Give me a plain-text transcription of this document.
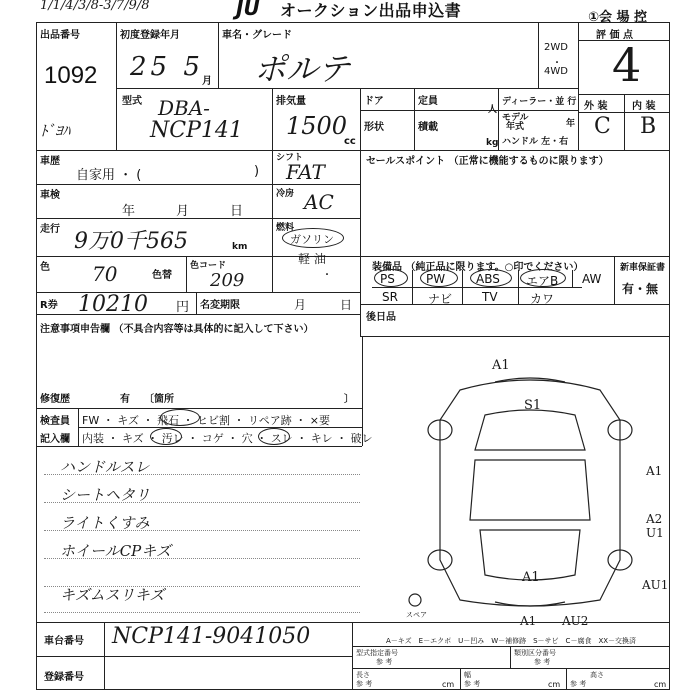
1/1/4/3/8-3/7/9/8	JU オークション出品申込書	①会 場 控
出品番号
1092
初度登録年月
25 5
月
車名・グレード
ポルテ
2WD
・
4WD
評 価 点
4
外 装 内 装
C B
ﾄﾞﾖﾊ
型式 DBA-
NCP141
排気量
1500
cc
ドア	定員
人
ディーラー・並 行
形状	積載
kg
モデル
年式	年
ハンドル 左・右
車歴
自家用 ・ (	)
シフト
FAT	セールスポイント （正常に機能するものに限ります）
車検
年	月	日
冷房 AC
走行 9万0千565	km
燃料
ガソリン
軽 油
色 70	色替
色コード
209	・
R券 10210 円 名変期限	月	日
装備品 （純正品に限ります。○印でください）	新車保証書
有・無
PS	PW	ABS エアB AW
SR	ナビ TV	カワ
後日品
注意事項申告欄 （不具合内容等は具体的に記入して下さい）
修復歴	有 〔箇所	〕
検査員
記入欄
FW ・ キズ ・ 飛石 ・ ヒビ割 ・ リペア跡 ・ ×要
内装 ・ キズ ・ 汚レ ・ コゲ ・ 穴 ・ スレ ・ キレ ・ 破レ
ハンドルスレ
シートヘタリ
ライトくすみ
ホイールCPキズ
キズムスリキズ
A1
S1
A1
A2
U1
A1	AU1
A1 AU2
スペア
車台番号 NCP141-9041050
登録番号
A－キズ　E－エクボ　U－凹み　W－補修跡　S－サビ　C－腐食　XX－交換済
型式指定番号
参 考
類別区分番号
参 考
長さ
参 考	cm
幅
参 考	cm
高さ
参 考	cm
